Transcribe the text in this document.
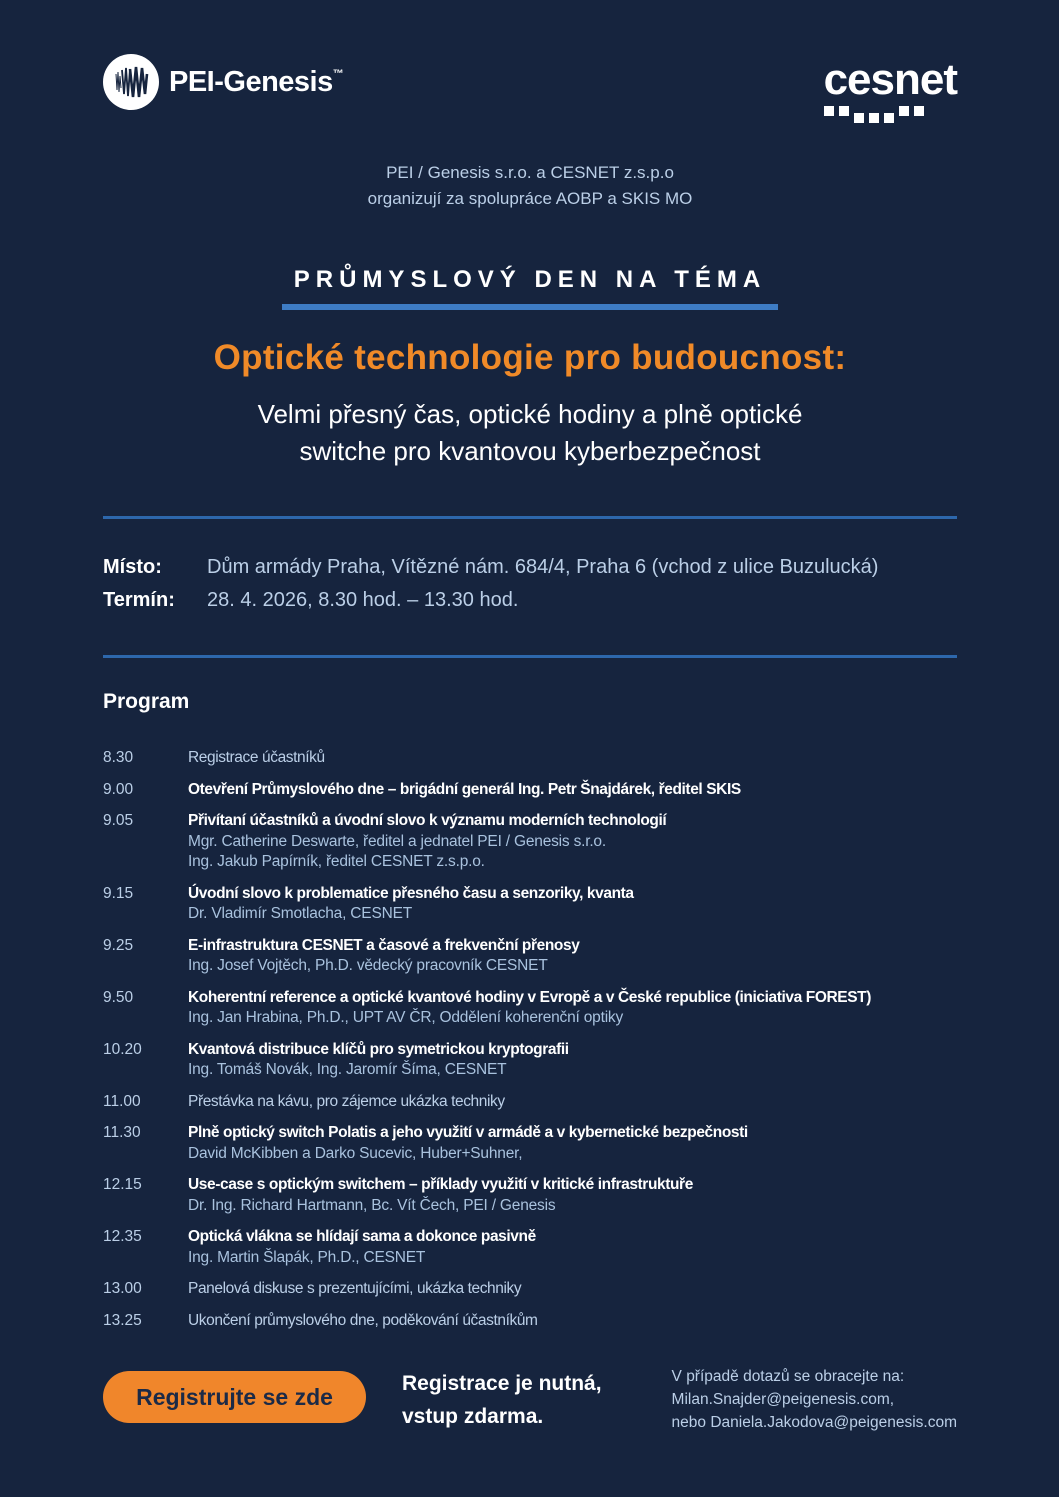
PEI-Genesis™	cesnet
PEI / Genesis s.r.o. a CESNET z.s.p.o
organizují za spolupráce AOBP a SKIS MO
PRŮMYSLOVÝ DEN NA TÉMA
Optické technologie pro budoucnost:
Velmi přesný čas, optické hodiny a plně optické
switche pro kvantovou kyberbezpečnost
Místo:	Dům armády Praha, Vítězné nám. 684/4, Praha 6 (vchod z ulice Buzulucká)
Termín:	28. 4. 2026, 8.30 hod. – 13.30 hod.
Program
8.30	Registrace účastníků
9.00	Otevření Průmyslového dne – brigádní generál Ing. Petr Šnajdárek, ředitel SKIS
9.05	Přivítaní účastníků a úvodní slovo k významu moderních technologií
Mgr. Catherine Deswarte, ředitel a jednatel PEI / Genesis s.r.o.
Ing. Jakub Papírník, ředitel CESNET z.s.p.o.
9.15	Úvodní slovo k problematice přesného času a senzoriky, kvanta
Dr. Vladimír Smotlacha, CESNET
9.25	E-infrastruktura CESNET a časové a frekvenční přenosy
Ing. Josef Vojtěch, Ph.D. vědecký pracovník CESNET
9.50	Koherentní reference a optické kvantové hodiny v Evropě a v České republice (iniciativa FOREST)
Ing. Jan Hrabina, Ph.D., UPT AV ČR, Oddělení koherenční optiky
10.20	Kvantová distribuce klíčů pro symetrickou kryptografii
Ing. Tomáš Novák, Ing. Jaromír Šíma, CESNET
11.00	Přestávka na kávu, pro zájemce ukázka techniky
11.30	Plně optický switch Polatis a jeho využití v armádě a v kybernetické bezpečnosti
David McKibben a Darko Sucevic, Huber+Suhner,
12.15	Use-case s optickým switchem – příklady využití v kritické infrastruktuře
Dr. Ing. Richard Hartmann, Bc. Vít Čech, PEI / Genesis
12.35	Optická vlákna se hlídají sama a dokonce pasivně
Ing. Martin Šlapák, Ph.D., CESNET
13.00	Panelová diskuse s prezentujícími, ukázka techniky
13.25	Ukončení průmyslového dne, poděkování účastníkům
Registrujte se zde	Registrace je nutná,
vstup zdarma.
V případě dotazů se obracejte na:
Milan.Snajder@peigenesis.com,
nebo Daniela.Jakodova@peigenesis.com
